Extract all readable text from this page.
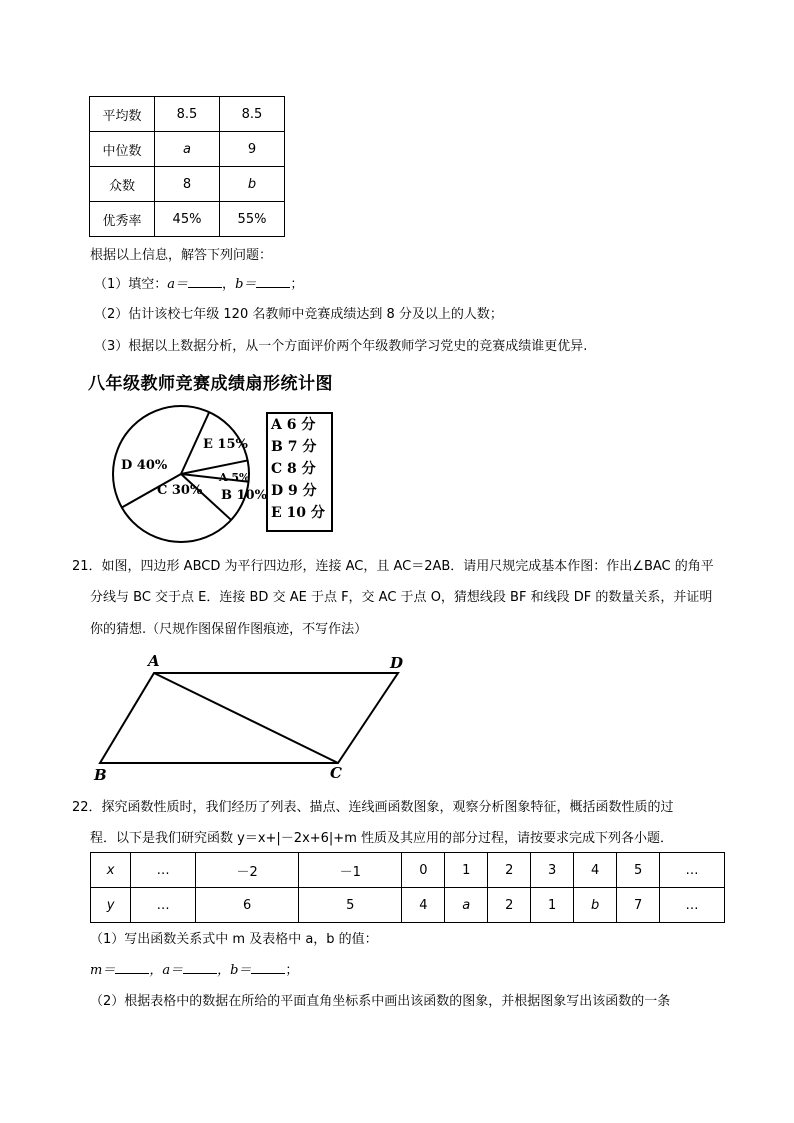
平均数	8.5	8.5
中位数	a	9
众数	8	b
优秀率	45%	55%
根据以上信息，解答下列问题：
（1）填空：a＝	，b＝	；
（2）估计该校七年级 120 名教师中竞赛成绩达到 8 分及以上的人数；
（3）根据以上数据分析，从一个方面评价两个年级教师学习党史的竞赛成绩谁更优异.
八年级教师竞赛成绩扇形统计图
A 5%
B 10%
C 30%
D 40%
E 15%
A 6 分
B 7 分
C 8 分
D 9 分
E 10 分
21．如图，四边形 ABCD 为平行四边形，连接 AC，且 AC＝2AB．请用尺规完成基本作图：作出∠BAC 的角平
分线与 BC 交于点 E．连接 BD 交 AE 于点 F，交 AC 于点 O，猜想线段 BF 和线段 DF 的数量关系，并证明
你的猜想.（尺规作图保留作图痕迹，不写作法）
A	D
B	C
22．探究函数性质时，我们经历了列表、描点、连线画函数图象，观察分析图象特征，概括函数性质的过
程．以下是我们研究函数 y＝x+|－2x+6|+m 性质及其应用的部分过程，请按要求完成下列各小题．
x	…	－2	－1	0	1	2	3	4	5	…
y	…	6	5	4	a	2	1	b	7	…
（1）写出函数关系式中 m 及表格中 a，b 的值：
m＝	，a＝	，b＝	；
（2）根据表格中的数据在所给的平面直角坐标系中画出该函数的图象，并根据图象写出该函数的一条
